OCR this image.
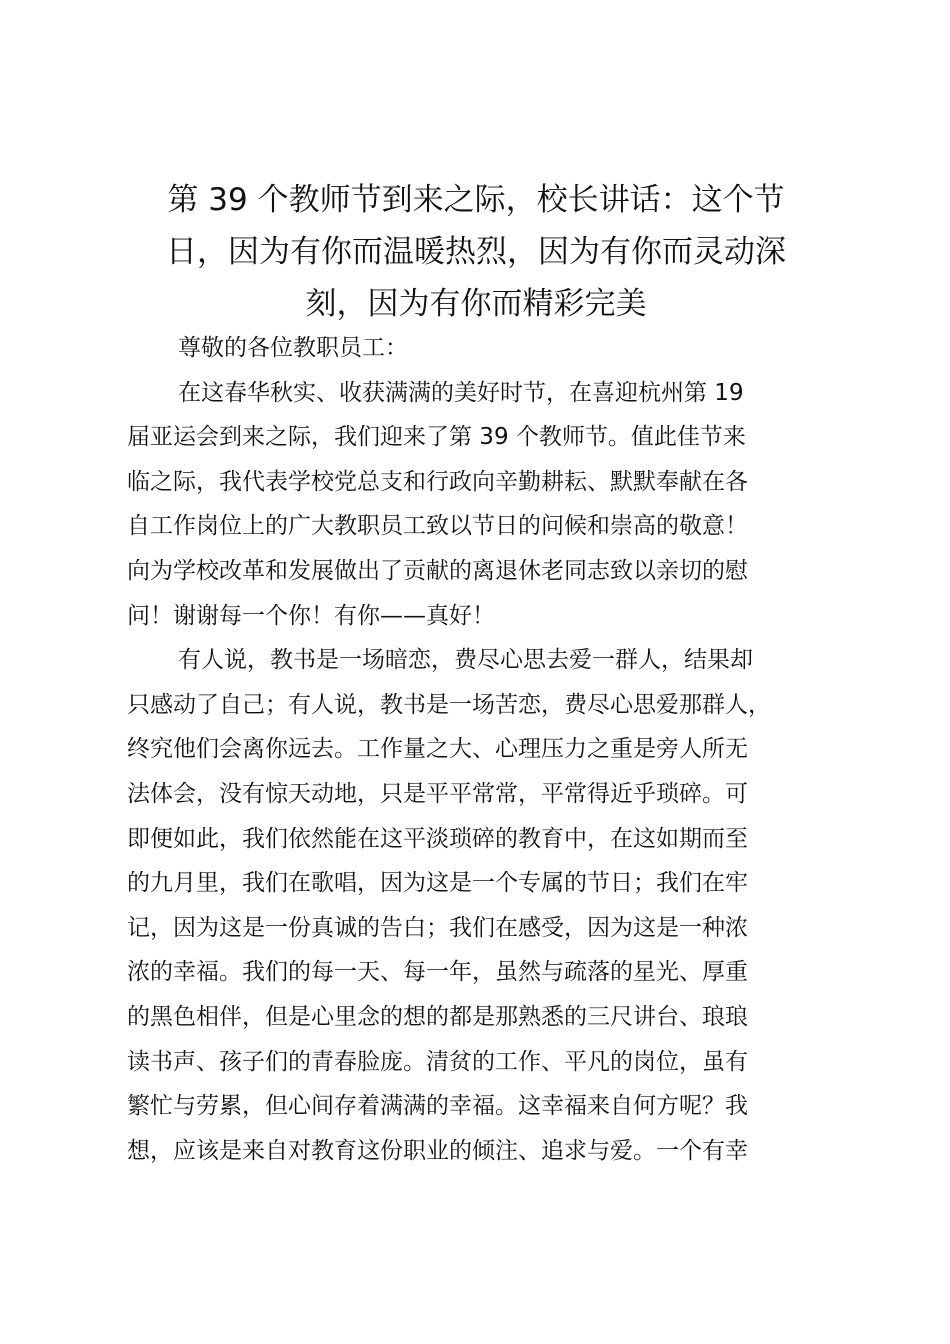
第 39 个教师节到来之际，校长讲话：这个节
日，因为有你而温暖热烈，因为有你而灵动深
刻，因为有你而精彩完美
尊敬的各位教职员工：
在这春华秋实、收获满满的美好时节，在喜迎杭州第 19
届亚运会到来之际，我们迎来了第 39 个教师节。值此佳节来
临之际，我代表学校党总支和行政向辛勤耕耘、默默奉献在各
自工作岗位上的广大教职员工致以节日的问候和崇高的敬意！
向为学校改革和发展做出了贡献的离退休老同志致以亲切的慰
问！谢谢每一个你！有你——真好！
有人说，教书是一场暗恋，费尽心思去爱一群人，结果却
只感动了自己；有人说，教书是一场苦恋，费尽心思爱那群人，
终究他们会离你远去。工作量之大、心理压力之重是旁人所无
法体会，没有惊天动地，只是平平常常，平常得近乎琐碎。可
即便如此，我们依然能在这平淡琐碎的教育中，在这如期而至
的九月里，我们在歌唱，因为这是一个专属的节日；我们在牢
记，因为这是一份真诚的告白；我们在感受，因为这是一种浓
浓的幸福。我们的每一天、每一年，虽然与疏落的星光、厚重
的黑色相伴，但是心里念的想的都是那熟悉的三尺讲台、琅琅
读书声、孩子们的青春脸庞。清贫的工作、平凡的岗位，虽有
繁忙与劳累，但心间存着满满的幸福。这幸福来自何方呢？我
想，应该是来自对教育这份职业的倾注、追求与爱。一个有幸
